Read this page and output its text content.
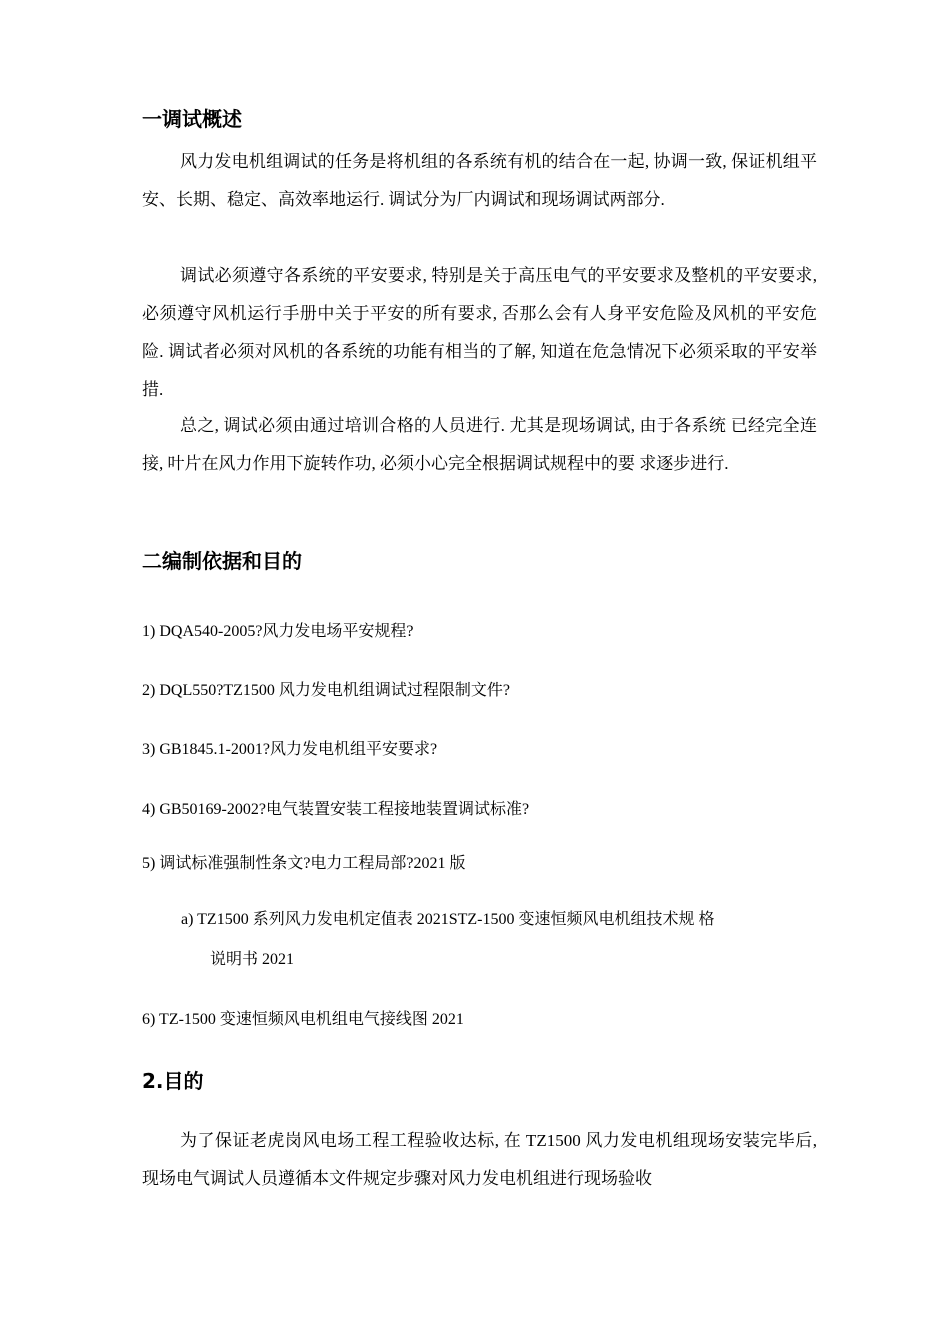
一调试概述

风力发电机组调试的任务是将机组的各系统有机的结合在一起, 协调一致, 保证机组平安、长期、稳定、高效率地运行. 调试分为厂内调试和现场调试两部分.

调试必须遵守各系统的平安要求, 特别是关于高压电气的平安要求及整机的平安要求, 必须遵守风机运行手册中关于平安的所有要求, 否那么会有人身平安危险及风机的平安危险. 调试者必须对风机的各系统的功能有相当的了解, 知道在危急情况下必须采取的平安举措.

总之, 调试必须由通过培训合格的人员进行. 尤其是现场调试, 由于各系统 已经完全连接, 叶片在风力作用下旋转作功, 必须小心完全根据调试规程中的要 求逐步进行.

二编制依据和目的
1) DQA540-2005?风力发电场平安规程?
2) DQL550?TZ1500 风力发电机组调试过程限制文件?
3) GB1845.1-2001?风力发电机组平安要求?
4) GB50169-2002?电气装置安装工程接地装置调试标准?
5) 调试标准强制性条文?电力工程局部?2021 版
a) TZ1500 系列风力发电机定值表 2021STZ-1500 变速恒频风电机组技术规 格
说明书 2021
6) TZ-1500 变速恒频风电机组电气接线图 2021
2.目的

为了保证老虎岗风电场工程工程验收达标, 在 TZ1500 风力发电机组现场安装完毕后, 现场电气调试人员遵循本文件规定步骤对风力发电机组进行现场验收
